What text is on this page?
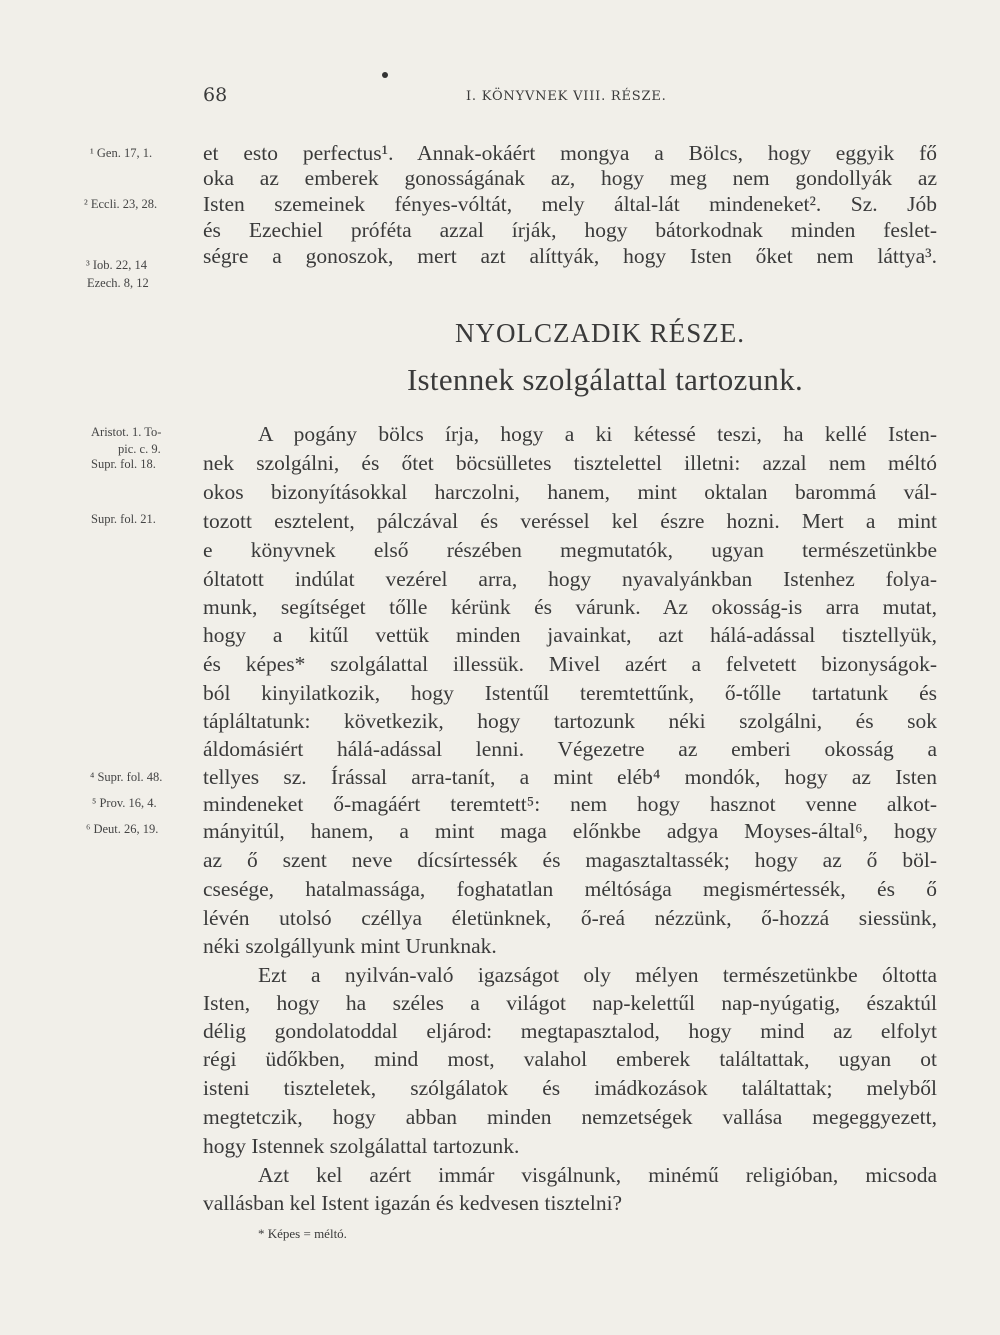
68	I. KÖNYVNEK VIII. RÉSZE.
¹ Gen. 17, 1.
² Eccli. 23, 28.
³ Iob. 22, 14
Ezech. 8, 12
Aristot. 1. To-
pic. c. 9.
Supr. fol. 18.
Supr. fol. 21.
⁴ Supr. fol. 48.
⁵ Prov. 16, 4.
⁶ Deut. 26, 19.
et esto perfectus¹. Annak-okáért mongya a Bölcs, hogy eggyik fő
oka az emberek gonosságának az, hogy meg nem gondollyák az
Isten szemeinek fényes-vóltát, mely által-lát mindeneket². Sz. Jób
és Ezechiel próféta azzal írják, hogy bátorkodnak minden feslet-
ségre a gonoszok, mert azt alíttyák, hogy Isten őket nem láttya³.
NYOLCZADIK RÉSZE.
Istennek szolgálattal tartozunk.
A pogány bölcs írja, hogy a ki kétessé teszi, ha kellé Isten-
nek szolgálni, és őtet böcsülletes tisztelettel illetni: azzal nem méltó
okos bizonyításokkal harczolni, hanem, mint oktalan barommá vál-
tozott esztelent, pálczával és veréssel kel észre hozni. Mert a mint
e könyvnek első részében megmutatók, ugyan természetünkbe
óltatott indúlat vezérel arra, hogy nyavalyánkban Istenhez folya-
munk, segítséget tőlle kérünk és várunk. Az okosság-is arra mutat,
hogy a kitűl vettük minden javainkat, azt hálá-adással tisztellyük,
és képes* szolgálattal illessük. Mivel azért a felvetett bizonyságok-
ból kinyilatkozik, hogy Istentűl teremtettűnk, ő-tőlle tartatunk és
tápláltatunk: következik, hogy tartozunk néki szolgálni, és sok
áldomásiért hálá-adással lenni. Végezetre az emberi okosság a
tellyes sz. Írással arra-tanít, a mint eléb⁴ mondók, hogy az Isten
mindeneket ő-magáért teremtett⁵: nem hogy hasznot venne alkot-
mányitúl, hanem, a mint maga előnkbe adgya Moyses-által⁶, hogy
az ő szent neve dícsírtessék és magasztaltassék; hogy az ő böl-
csesége, hatalmassága, foghatatlan méltósága megismértessék, és ő
lévén utolsó czéllya életünknek, ő-reá nézzünk, ő-hozzá siessünk,
néki szolgállyunk mint Urunknak.
Ezt a nyilván-való igazságot oly mélyen természetünkbe óltotta
Isten, hogy ha széles a világot nap-kelettűl nap-nyúgatig, északtúl
délig gondolatoddal eljárod: megtapasztalod, hogy mind az elfolyt
régi üdőkben, mind most, valahol emberek találtattak, ugyan ot
isteni tiszteletek, szólgálatok és imádkozások találtattak; melyből
megtetczik, hogy abban minden nemzetségek vallása megeggyezett,
hogy Istennek szolgálattal tartozunk.
Azt kel azért immár visgálnunk, minémű religióban, micsoda
vallásban kel Istent igazán és kedvesen tisztelni?
* Képes = méltó.
